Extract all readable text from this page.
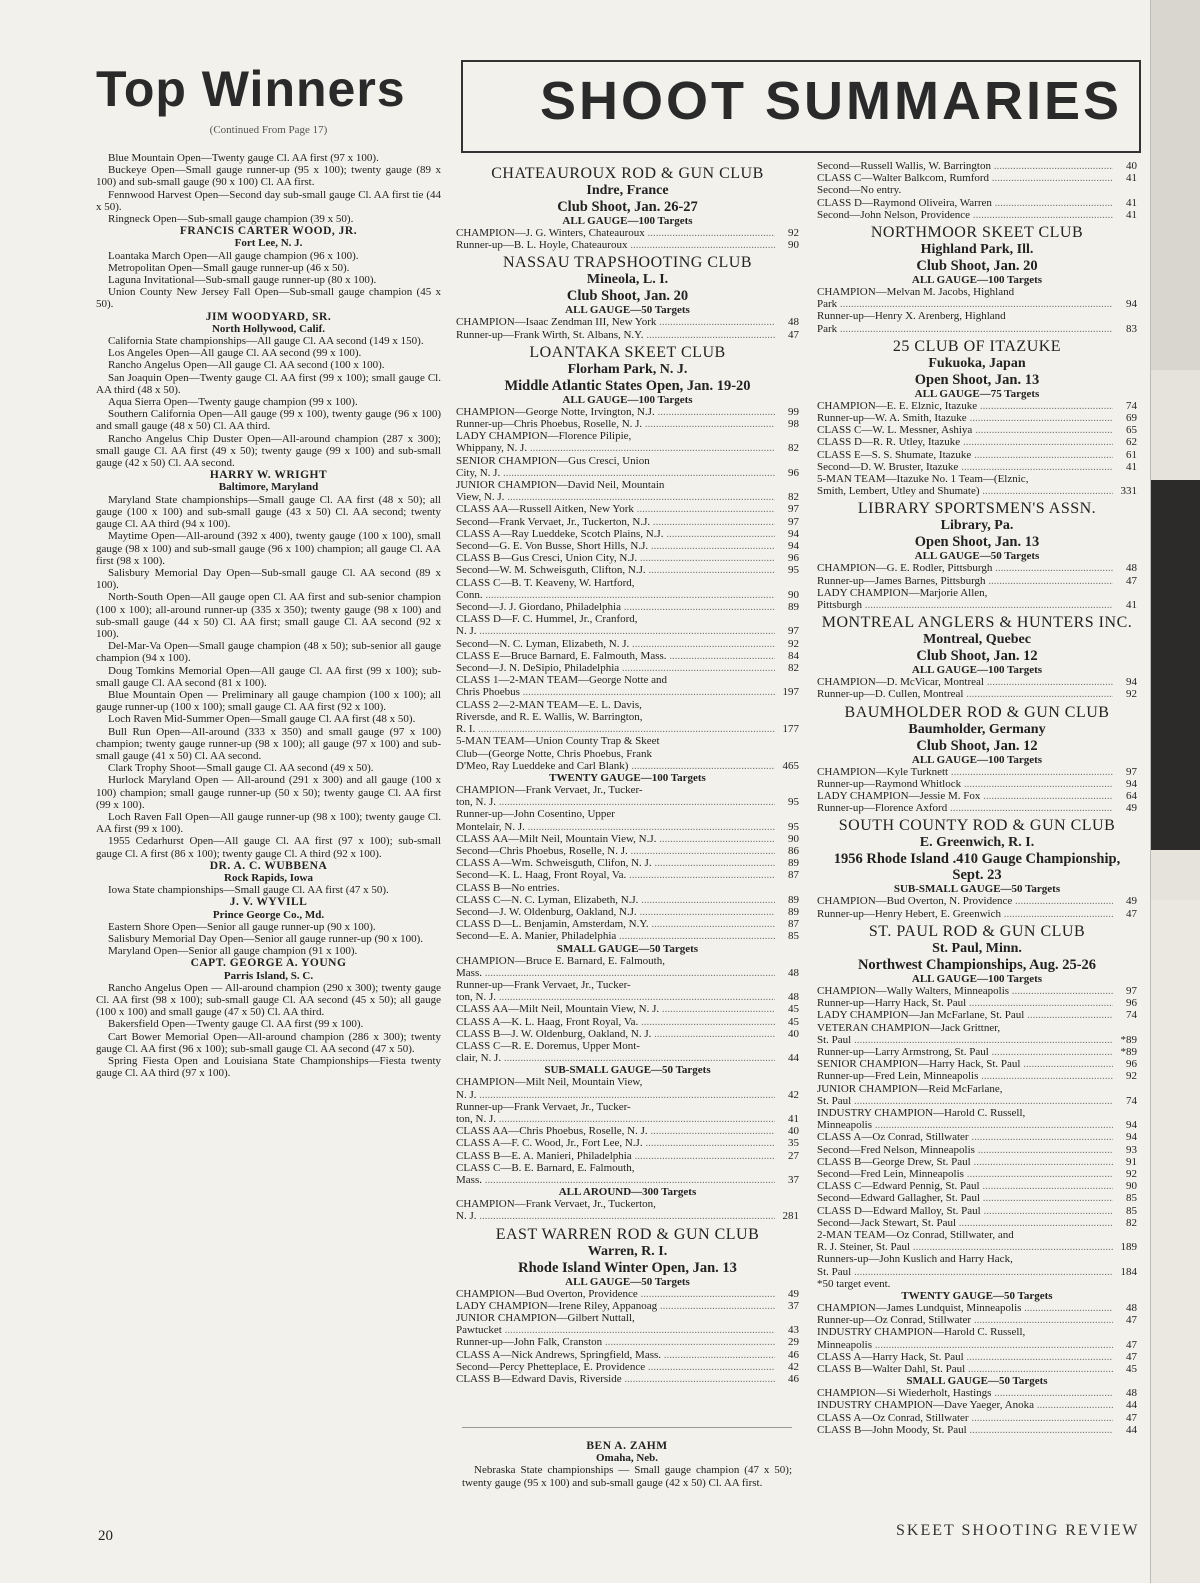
Top Winners
(Continued From Page 17)	SHOOT SUMMARIES

Blue Mountain Open—Twenty gauge Cl. AA first (97 x 100).

Buckeye Open—Small gauge runner-up (95 x 100); twenty gauge (89 x 100) and sub-small gauge (90 x 100) Cl. AA first.

Fennwood Harvest Open—Second day sub-small gauge Cl. AA first tie (44 x 50).

Ringneck Open—Sub-small gauge champion (39 x 50).

FRANCIS CARTER WOOD, JR.

Fort Lee, N. J.

Loantaka March Open—All gauge champion (96 x 100).

Metropolitan Open—Small gauge runner-up (46 x 50).

Laguna Invitational—Sub-small gauge runner-up (80 x 100).

Union County New Jersey Fall Open—Sub-small gauge champion (45 x 50).

JIM WOODYARD, SR.

North Hollywood, Calif.

California State championships—All gauge Cl. AA second (149 x 150).

Los Angeles Open—All gauge Cl. AA second (99 x 100).

Rancho Angelus Open—All gauge Cl. AA second (100 x 100).

San Joaquin Open—Twenty gauge Cl. AA first (99 x 100); small gauge Cl. AA third (48 x 50).

Aqua Sierra Open—Twenty gauge champion (99 x 100).

Southern California Open—All gauge (99 x 100), twenty gauge (96 x 100) and small gauge (48 x 50) Cl. AA third.

Rancho Angelus Chip Duster Open—All-around champion (287 x 300); small gauge Cl. AA first (49 x 50); twenty gauge (99 x 100) and sub-small gauge (42 x 50) Cl. AA second.

HARRY W. WRIGHT

Baltimore, Maryland

Maryland State championships—Small gauge Cl. AA first (48 x 50); all gauge (100 x 100) and sub-small gauge (43 x 50) Cl. AA second; twenty gauge Cl. AA third (94 x 100).

Maytime Open—All-around (392 x 400), twenty gauge (100 x 100), small gauge (98 x 100) and sub-small gauge (96 x 100) champion; all gauge Cl. AA first (98 x 100).

Salisbury Memorial Day Open—Sub-small gauge Cl. AA second (89 x 100).

North-South Open—All gauge open Cl. AA first and sub-senior champion (100 x 100); all-around runner-up (335 x 350); twenty gauge (98 x 100) and sub-small gauge (44 x 50) Cl. AA first; small gauge Cl. AA second (92 x 100).

Del-Mar-Va Open—Small gauge champion (48 x 50); sub-senior all gauge champion (94 x 100).

Doug Tomkins Memorial Open—All gauge Cl. AA first (99 x 100); sub-small gauge Cl. AA second (81 x 100).

Blue Mountain Open — Preliminary all gauge champion (100 x 100); all gauge runner-up (100 x 100); small gauge Cl. AA first (92 x 100).

Loch Raven Mid-Summer Open—Small gauge Cl. AA first (48 x 50).

Bull Run Open—All-around (333 x 350) and small gauge (97 x 100) champion; twenty gauge runner-up (98 x 100); all gauge (97 x 100) and sub-small gauge (41 x 50) Cl. AA second.

Clark Trophy Shoot—Small gauge Cl. AA second (49 x 50).

Hurlock Maryland Open — All-around (291 x 300) and all gauge (100 x 100) champion; small gauge runner-up (50 x 50); twenty gauge Cl. AA first (99 x 100).

Loch Raven Fall Open—All gauge runner-up (98 x 100); twenty gauge Cl. AA first (99 x 100).

1955 Cedarhurst Open—All gauge Cl. AA first (97 x 100); sub-small gauge Cl. A first (86 x 100); twenty gauge Cl. A third (92 x 100).

DR. A. C. WUBBENA

Rock Rapids, Iowa

Iowa State championships—Small gauge Cl. AA first (47 x 50).

J. V. WYVILL

Prince George Co., Md.

Eastern Shore Open—Senior all gauge runner-up (90 x 100).

Salisbury Memorial Day Open—Senior all gauge runner-up (90 x 100).

Maryland Open—Senior all gauge champion (91 x 100).

CAPT. GEORGE A. YOUNG

Parris Island, S. C.

Rancho Angelus Open — All-around champion (290 x 300); twenty gauge Cl. AA first (98 x 100); sub-small gauge Cl. AA second (45 x 50); all gauge (100 x 100) and small gauge (47 x 50) Cl. AA third.

Bakersfield Open—Twenty gauge Cl. AA first (99 x 100).

Cart Bower Memorial Open—All-around champion (286 x 300); twenty gauge Cl. AA first (96 x 100); sub-small gauge Cl. AA second (47 x 50).

Spring Fiesta Open and Louisiana State Championships—Fiesta twenty gauge Cl. AA third (97 x 100).

CHATEAUROUX ROD & GUN CLUB

Indre, France

Club Shoot, Jan. 26-27

ALL GAUGE—100 Targets

CHAMPION—J. G. Winters, Chateauroux .....	92
Runner-up—B. L. Hoyle, Chateauroux .....	90

NASSAU TRAPSHOOTING CLUB

Mineola, L. I.

Club Shoot, Jan. 20

ALL GAUGE—50 Targets

CHAMPION—Isaac Zendman III, New York .....	48
Runner-up—Frank Wirth, St. Albans, N.Y. .....	47

LOANTAKA SKEET CLUB

Florham Park, N. J.

Middle Atlantic States Open, Jan. 19-20

ALL GAUGE—100 Targets

CHAMPION—George Notte, Irvington, N.J. .....	99
Runner-up—Chris Phoebus, Roselle, N. J. .....	98

LADY CHAMPION—Florence Pilipie,

Whippany, N. J. .....	82

SENIOR CHAMPION—Gus Cresci, Union

City, N. J. .....	96

JUNIOR CHAMPION—David Neil, Mountain

View, N. J. .....	82
CLASS AA—Russell Aitken, New York .....	97
Second—Frank Vervaet, Jr., Tuckerton, N.J. .....	97
CLASS A—Ray Lueddeke, Scotch Plains, N.J. .....	94
Second—G. E. Von Busse, Short Hills, N.J. .....	94
CLASS B—Gus Cresci, Union City, N.J. .....	96
Second—W. M. Schweisguth, Clifton, N.J. .....	95

CLASS C—B. T. Keaveny, W. Hartford,

Conn. .....	90
Second—J. J. Giordano, Philadelphia .....	89

CLASS D—F. C. Hummel, Jr., Cranford,

N. J. .....	97
Second—N. C. Lyman, Elizabeth, N. J. .....	92
CLASS E—Bruce Barnard, E. Falmouth, Mass. .....	84
Second—J. N. DeSipio, Philadelphia .....	82

CLASS 1—2-MAN TEAM—George Notte and

Chris Phoebus .....	197

CLASS 2—2-MAN TEAM—E. L. Davis,

Riversde, and R. E. Wallis, W. Barrington,

R. I. .....	177

5-MAN TEAM—Union County Trap & Skeet

Club—(George Notte, Chris Phoebus, Frank

D'Meo, Ray Lueddeke and Carl Blank) .....	465

TWENTY GAUGE—100 Targets

CHAMPION—Frank Vervaet, Jr., Tucker-

ton, N. J. .....	95

Runner-up—John Cosentino, Upper

Montelair, N. J. .....	95
CLASS AA—Milt Neil, Mountain View, N.J. .....	90
Second—Chris Phoebus, Roselle, N. J. .....	86
CLASS A—Wm. Schweisguth, Clifon, N. J. .....	89
Second—K. L. Haag, Front Royal, Va. .....	87

CLASS B—No entries.

CLASS C—N. C. Lyman, Elizabeth, N.J. .....	89
Second—J. W. Oldenburg, Oakland, N.J. .....	89
CLASS D—L. Benjamin, Amsterdam, N.Y. .....	87
Second—E. A. Manier, Philadelphia .....	85

SMALL GAUGE—50 Targets

CHAMPION—Bruce E. Barnard, E. Falmouth,

Mass. .....	48

Runner-up—Frank Vervaet, Jr., Tucker-

ton, N. J. .....	48
CLASS AA—Milt Neil, Mountain View, N. J. .....	45
CLASS A—K. L. Haag, Front Royal, Va. .....	45
CLASS B—J. W. Oldenburg, Oakland, N. J. .....	40

CLASS C—R. E. Doremus, Upper Mont-

clair, N. J. .....	44

SUB-SMALL GAUGE—50 Targets

CHAMPION—Milt Neil, Mountain View,

N. J. .....	42

Runner-up—Frank Vervaet, Jr., Tucker-

ton, N. J. .....	41
CLASS AA—Chris Phoebus, Roselle, N. J. .....	40
CLASS A—F. C. Wood, Jr., Fort Lee, N.J. .....	35
CLASS B—E. A. Manieri, Philadelphia .....	27

CLASS C—B. E. Barnard, E. Falmouth,

Mass. .....	37

ALL AROUND—300 Targets

CHAMPION—Frank Vervaet, Jr., Tuckerton,

N. J. .....	281

EAST WARREN ROD & GUN CLUB

Warren, R. I.

Rhode Island Winter Open, Jan. 13

ALL GAUGE—50 Targets

CHAMPION—Bud Overton, Providence .....	49
LADY CHAMPION—Irene Riley, Appanoag .....	37

JUNIOR CHAMPION—Gilbert Nuttall,

Pawtucket .....	43
Runner-up—John Falk, Cranston .....	29
CLASS A—Nick Andrews, Springfield, Mass. .....	46
Second—Percy Phetteplace, E. Providence .....	42
CLASS B—Edward Davis, Riverside .....	46
Second—Russell Wallis, W. Barrington .....	40
CLASS C—Walter Balkcom, Rumford .....	41

Second—No entry.

CLASS D—Raymond Oliveira, Warren .....	41
Second—John Nelson, Providence .....	41

NORTHMOOR SKEET CLUB

Highland Park, Ill.

Club Shoot, Jan. 20

ALL GAUGE—100 Targets

CHAMPION—Melvan M. Jacobs, Highland

Park .....	94

Runner-up—Henry X. Arenberg, Highland

Park .....	83

25 CLUB OF ITAZUKE

Fukuoka, Japan

Open Shoot, Jan. 13

ALL GAUGE—75 Targets

CHAMPION—E. E. Elznic, Itazuke .....	74
Runner-up—W. A. Smith, Itazuke .....	69
CLASS C—W. L. Messner, Ashiya .....	65
CLASS D—R. R. Utley, Itazuke .....	62
CLASS E—S. S. Shumate, Itazuke .....	61
Second—D. W. Bruster, Itazuke .....	41

5-MAN TEAM—Itazuke No. 1 Team—(Elznic,

Smith, Lembert, Utley and Shumate) .....	331

LIBRARY SPORTSMEN'S ASSN.

Library, Pa.

Open Shoot, Jan. 13

ALL GAUGE—50 Targets

CHAMPION—G. E. Rodler, Pittsburgh .....	48
Runner-up—James Barnes, Pittsburgh .....	47

LADY CHAMPION—Marjorie Allen,

Pittsburgh .....	41

MONTREAL ANGLERS & HUNTERS INC.

Montreal, Quebec

Club Shoot, Jan. 12

ALL GAUGE—100 Targets

CHAMPION—D. McVicar, Montreal .....	94
Runner-up—D. Cullen, Montreal .....	92

BAUMHOLDER ROD & GUN CLUB

Baumholder, Germany

Club Shoot, Jan. 12

ALL GAUGE—100 Targets

CHAMPION—Kyle Turknett .....	97
Runner-up—Raymond Whitlock .....	94
LADY CHAMPION—Jessie M. Fox .....	64
Runner-up—Florence Axford .....	49

SOUTH COUNTY ROD & GUN CLUB

E. Greenwich, R. I.

1956 Rhode Island .410 Gauge Championship, Sept. 23

SUB-SMALL GAUGE—50 Targets

CHAMPION—Bud Overton, N. Providence .....	49
Runner-up—Henry Hebert, E. Greenwich .....	47

ST. PAUL ROD & GUN CLUB

St. Paul, Minn.

Northwest Championships, Aug. 25-26

ALL GAUGE—100 Targets

CHAMPION—Wally Walters, Minneapolis .....	97
Runner-up—Harry Hack, St. Paul .....	96
LADY CHAMPION—Jan McFarlane, St. Paul .....	74

VETERAN CHAMPION—Jack Grittner,

St. Paul .....	*89
Runner-up—Larry Armstrong, St. Paul .....	*89
SENIOR CHAMPION—Harry Hack, St. Paul .....	96
Runner-up—Fred Lein, Minneapolis .....	92

JUNIOR CHAMPION—Reid McFarlane,

St. Paul .....	74

INDUSTRY CHAMPION—Harold C. Russell,

Minneapolis .....	94
CLASS A—Oz Conrad, Stillwater .....	94
Second—Fred Nelson, Minneapolis .....	93
CLASS B—George Drew, St. Paul .....	91
Second—Fred Lein, Minneapolis .....	92
CLASS C—Edward Pennig, St. Paul .....	90
Second—Edward Gallagher, St. Paul .....	85
CLASS D—Edward Malloy, St. Paul .....	85
Second—Jack Stewart, St. Paul .....	82

2-MAN TEAM—Oz Conrad, Stillwater, and

R. J. Steiner, St. Paul .....	189

Runners-up—John Kuslich and Harry Hack,

St. Paul .....	184

*50 target event.

TWENTY GAUGE—50 Targets

CHAMPION—James Lundquist, Minneapolis .....	48
Runner-up—Oz Conrad, Stillwater .....	47

INDUSTRY CHAMPION—Harold C. Russell,

Minneapolis .....	47
CLASS A—Harry Hack, St. Paul .....	47
CLASS B—Walter Dahl, St. Paul .....	45

SMALL GAUGE—50 Targets

CHAMPION—Si Wiederholt, Hastings .....	48
INDUSTRY CHAMPION—Dave Yaeger, Anoka .....	44
CLASS A—Oz Conrad, Stillwater .....	47
CLASS B—John Moody, St. Paul .....	44

BEN A. ZAHM

Omaha, Neb.

Nebraska State championships — Small gauge champion (47 x 50); twenty gauge (95 x 100) and sub-small gauge (42 x 50) Cl. AA first.

20	SKEET SHOOTING REVIEW
